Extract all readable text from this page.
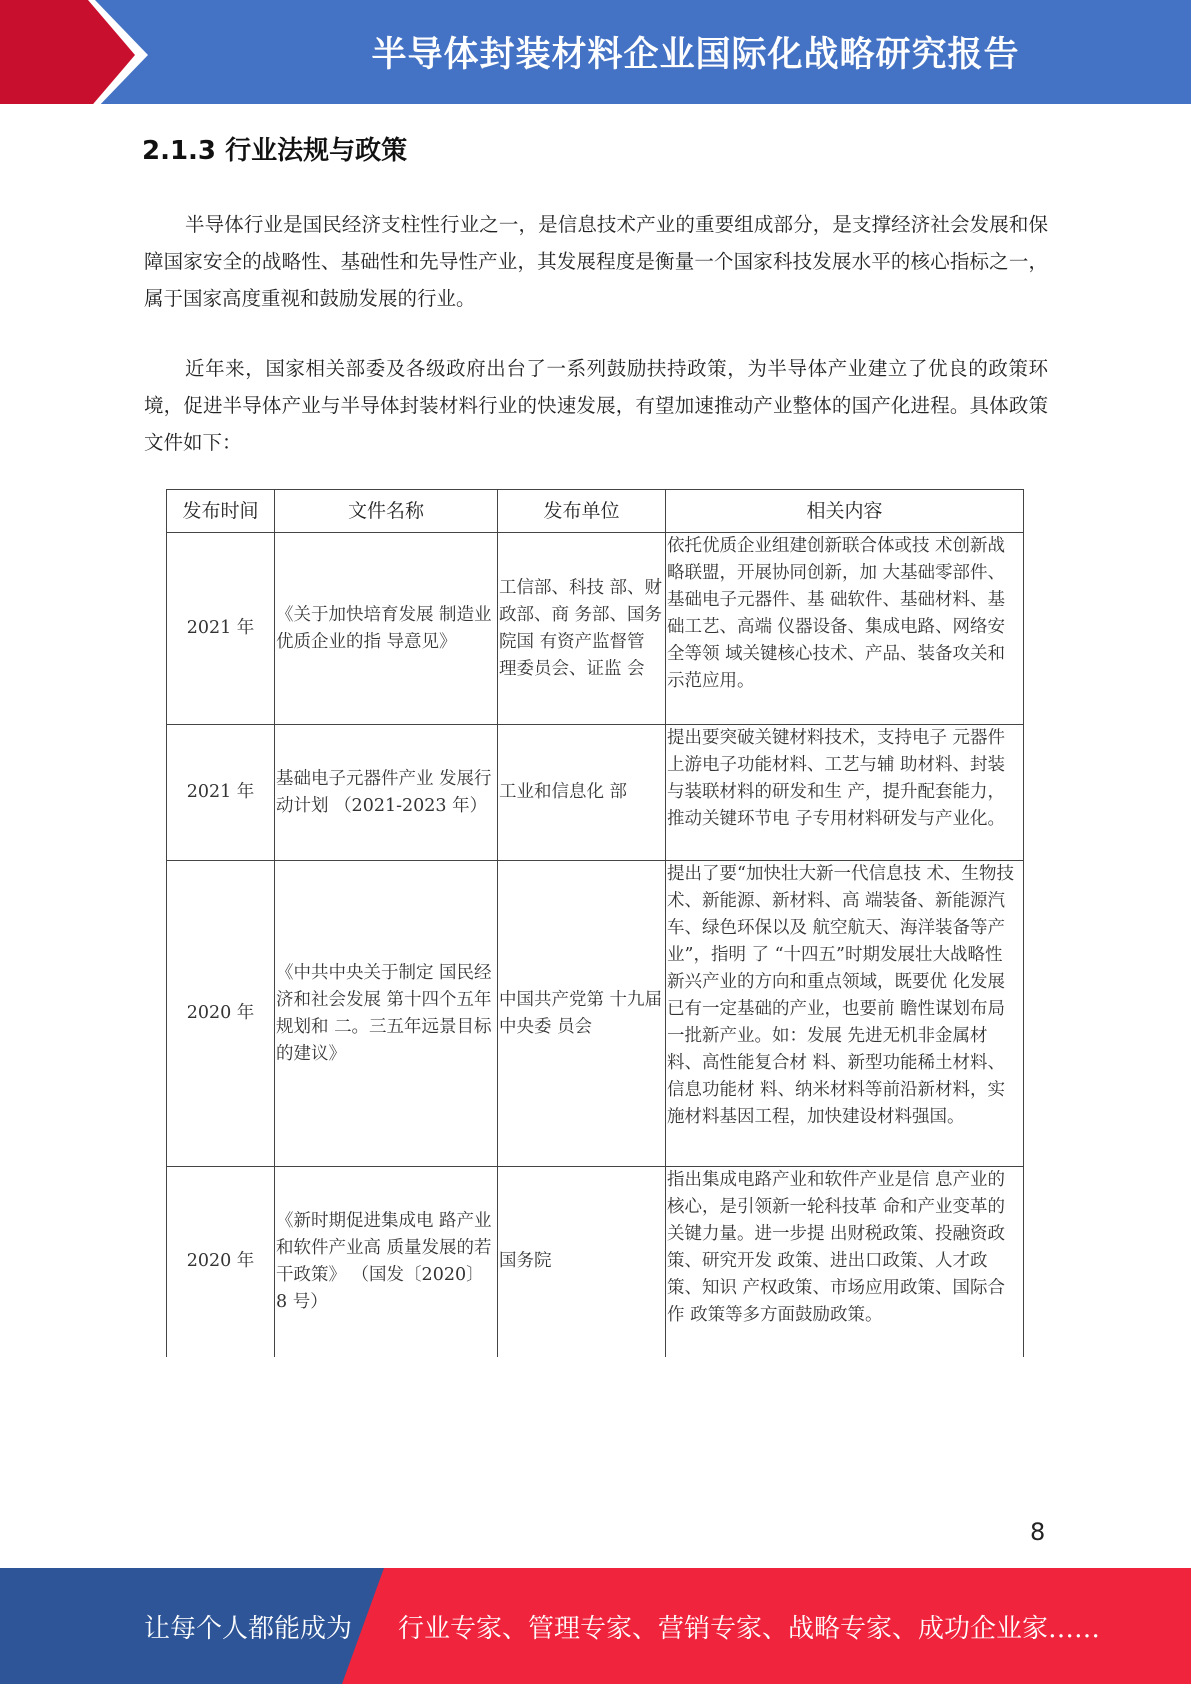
半导体封装材料企业国际化战略研究报告
2.1.3 行业法规与政策

半导体行业是国民经济支柱性行业之一，是信息技术产业的重要组成部分，是支撑经济社会发展和保障国家安全的战略性、基础性和先导性产业，其发展程度是衡量一个国家科技发展水平的核心指标之一，属于国家高度重视和鼓励发展的行业。

近年来，国家相关部委及各级政府出台了一系列鼓励扶持政策，为半导体产业建立了优良的政策环境，促进半导体产业与半导体封装材料行业的快速发展，有望加速推动产业整体的国产化进程。具体政策文件如下：

发布时间	文件名称	发布单位	相关内容
2021 年	《关于加快培育发展 制造业优质企业的指 导意见》	工信部、科技 部、财政部、商 务部、国务院国 有资产监督管 理委员会、证监 会	依托优质企业组建创新联合体或技 术创新战略联盟，开展协同创新，加 大基础零部件、基础电子元器件、基 础软件、基础材料、基础工艺、高端 仪器设备、集成电路、网络安全等领 域关键核心技术、产品、装备攻关和 示范应用。
2021 年	基础电子元器件产业 发展行动计划 （2021-2023 年）	工业和信息化 部	提出要突破关键材料技术，支持电子 元器件上游电子功能材料、工艺与辅 助材料、封装与装联材料的研发和生 产，提升配套能力，推动关键环节电 子专用材料研发与产业化。
2020 年	《中共中央关于制定 国民经济和社会发展 第十四个五年规划和 二。三五年远景目标 的建议》	中国共产党第 十九届中央委 员会	提出了要“加快壮大新一代信息技 术、生物技术、新能源、新材料、高 端装备、新能源汽车、绿色环保以及 航空航天、海洋装备等产业”，指明 了 “十四五”时期发展壮大战略性 新兴产业的方向和重点领域，既要优 化发展已有一定基础的产业，也要前 瞻性谋划布局一批新产业。如：发展 先进无机非金属材料、高性能复合材 料、新型功能稀土材料、信息功能材 料、纳米材料等前沿新材料，实施材料基因工程，加快建设材料强国。
2020 年	《新时期促进集成电 路产业和软件产业高 质量发展的若干政策》 （国发〔2020〕　 8 号）	国务院	指出集成电路产业和软件产业是信 息产业的核心，是引领新一轮科技革 命和产业变革的关键力量。进一步提 出财税政策、投融资政策、研究开发 政策、进出口政策、人才政策、知识 产权政策、市场应用政策、国际合作 政策等多方面鼓励政策。
8
让每个人都能成为 行业专家、管理专家、营销专家、战略专家、成功企业家……
